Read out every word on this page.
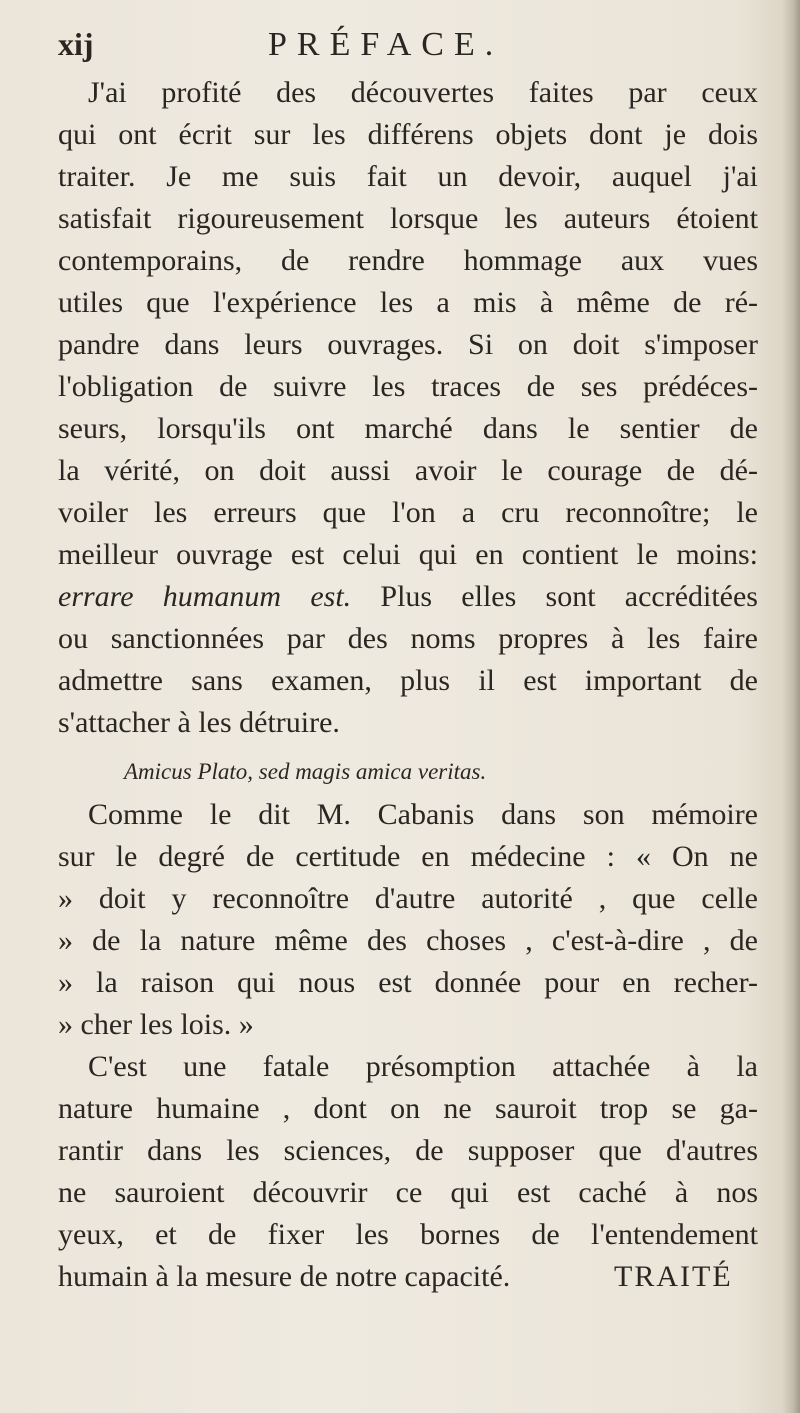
xij	PRÉFACE.
J'ai profité des découvertes faites par ceux
qui ont écrit sur les différens objets dont je dois
traiter. Je me suis fait un devoir, auquel j'ai
satisfait rigoureusement lorsque les auteurs étoient
contemporains, de rendre hommage aux vues
utiles que l'expérience les a mis à même de ré-
pandre dans leurs ouvrages. Si on doit s'imposer
l'obligation de suivre les traces de ses prédéces-
seurs, lorsqu'ils ont marché dans le sentier de
la vérité, on doit aussi avoir le courage de dé-
voiler les erreurs que l'on a cru reconnoître; le
meilleur ouvrage est celui qui en contient le moins:
errare humanum est. Plus elles sont accréditées
ou sanctionnées par des noms propres à les faire
admettre sans examen, plus il est important de
s'attacher à les détruire.
Amicus Plato, sed magis amica veritas.
Comme le dit M. Cabanis dans son mémoire
sur le degré de certitude en médecine : « On ne
» doit y reconnoître d'autre autorité , que celle
» de la nature même des choses , c'est-à-dire , de
» la raison qui nous est donnée pour en recher-
» cher les lois. »
C'est une fatale présomption attachée à la
nature humaine , dont on ne sauroit trop se ga-
rantir dans les sciences, de supposer que d'autres
ne sauroient découvrir ce qui est caché à nos
yeux, et de fixer les bornes de l'entendement
humain à la mesure de notre capacité.	TRAITÉ
